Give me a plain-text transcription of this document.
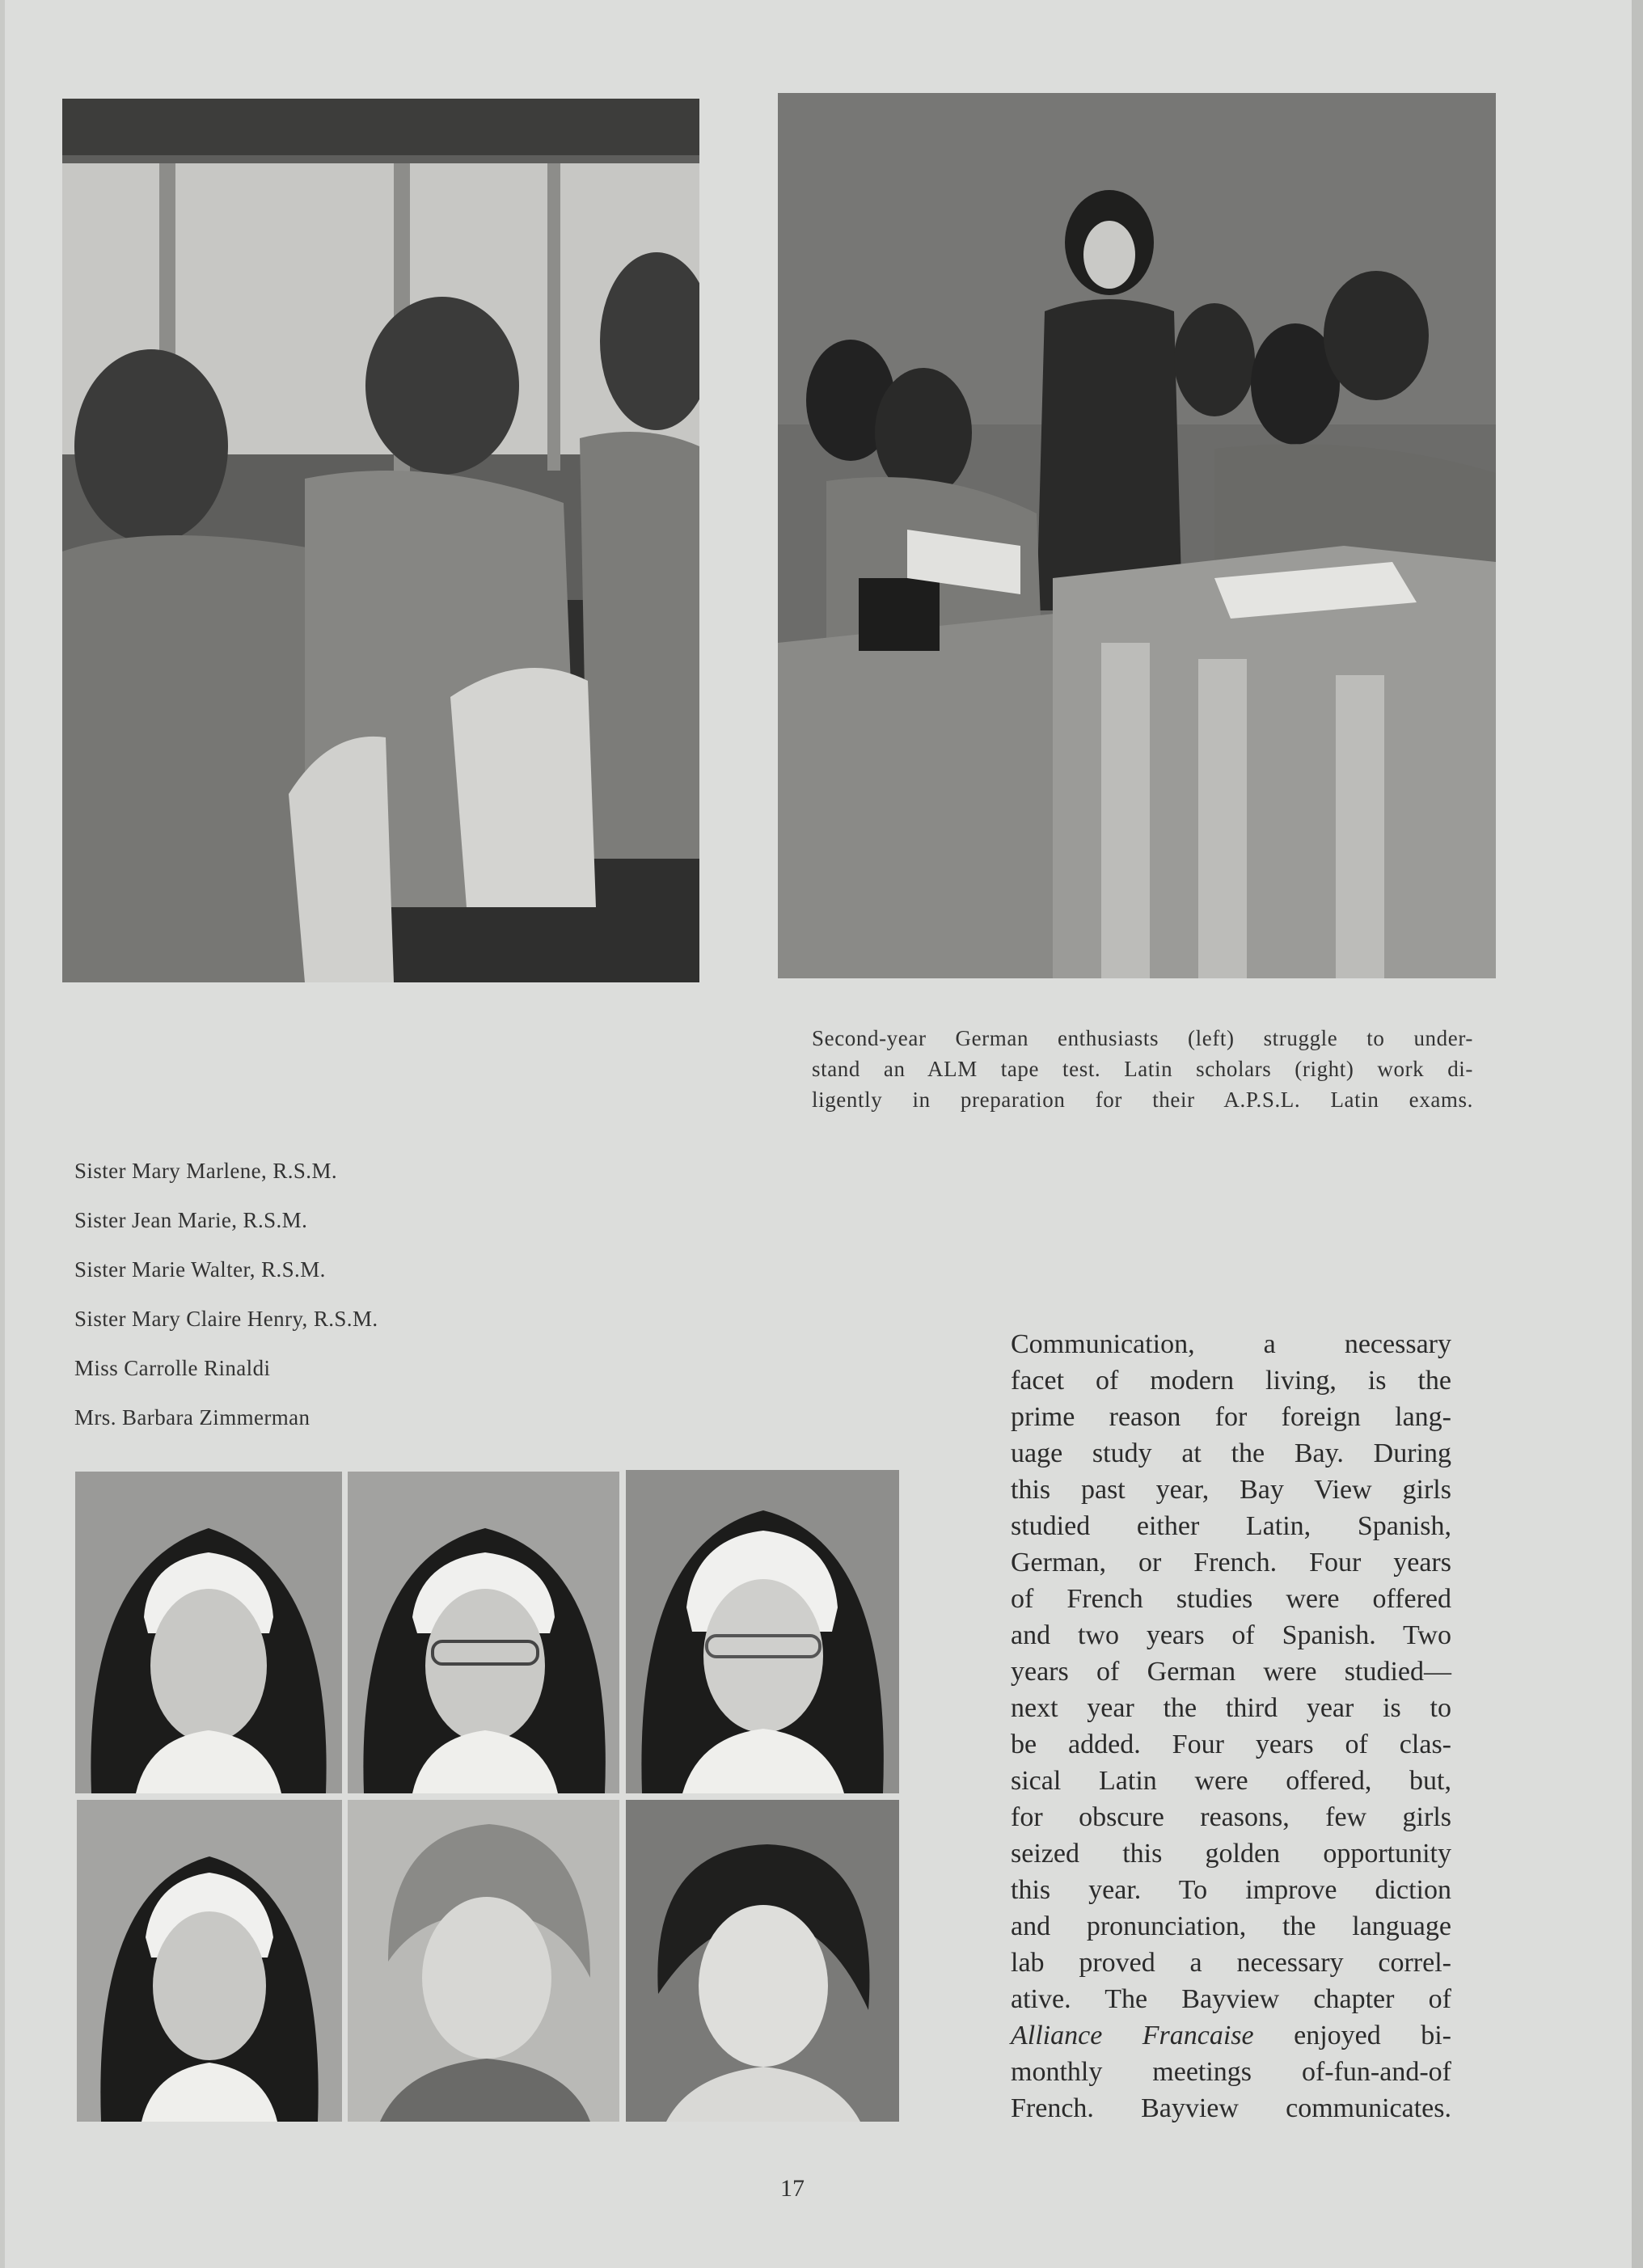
Second-year German enthusiasts (left) struggle to under-
stand an ALM tape test. Latin scholars (right) work di-
ligently in preparation for their A.P.S.L. Latin exams.
Sister Mary Marlene, R.S.M.
Sister Jean Marie, R.S.M.
Sister Marie Walter, R.S.M.
Sister Mary Claire Henry, R.S.M.
Miss Carrolle Rinaldi
Mrs. Barbara Zimmerman
Communication, a necessary
facet of modern living, is the
prime reason for foreign lang-
uage study at the Bay. During
this past year, Bay View girls
studied either Latin, Spanish,
German, or French. Four years
of French studies were offered
and two years of Spanish. Two
years of German were studied—
next year the third year is to
be added. Four years of clas-
sical Latin were offered, but,
for obscure reasons, few girls
seized this golden opportunity
this year. To improve diction
and pronunciation, the language
lab proved a necessary correl-
ative. The Bayview chapter of
Alliance Francaise enjoyed bi-
monthly meetings of-fun-and-of
French. Bayview communicates.
17
